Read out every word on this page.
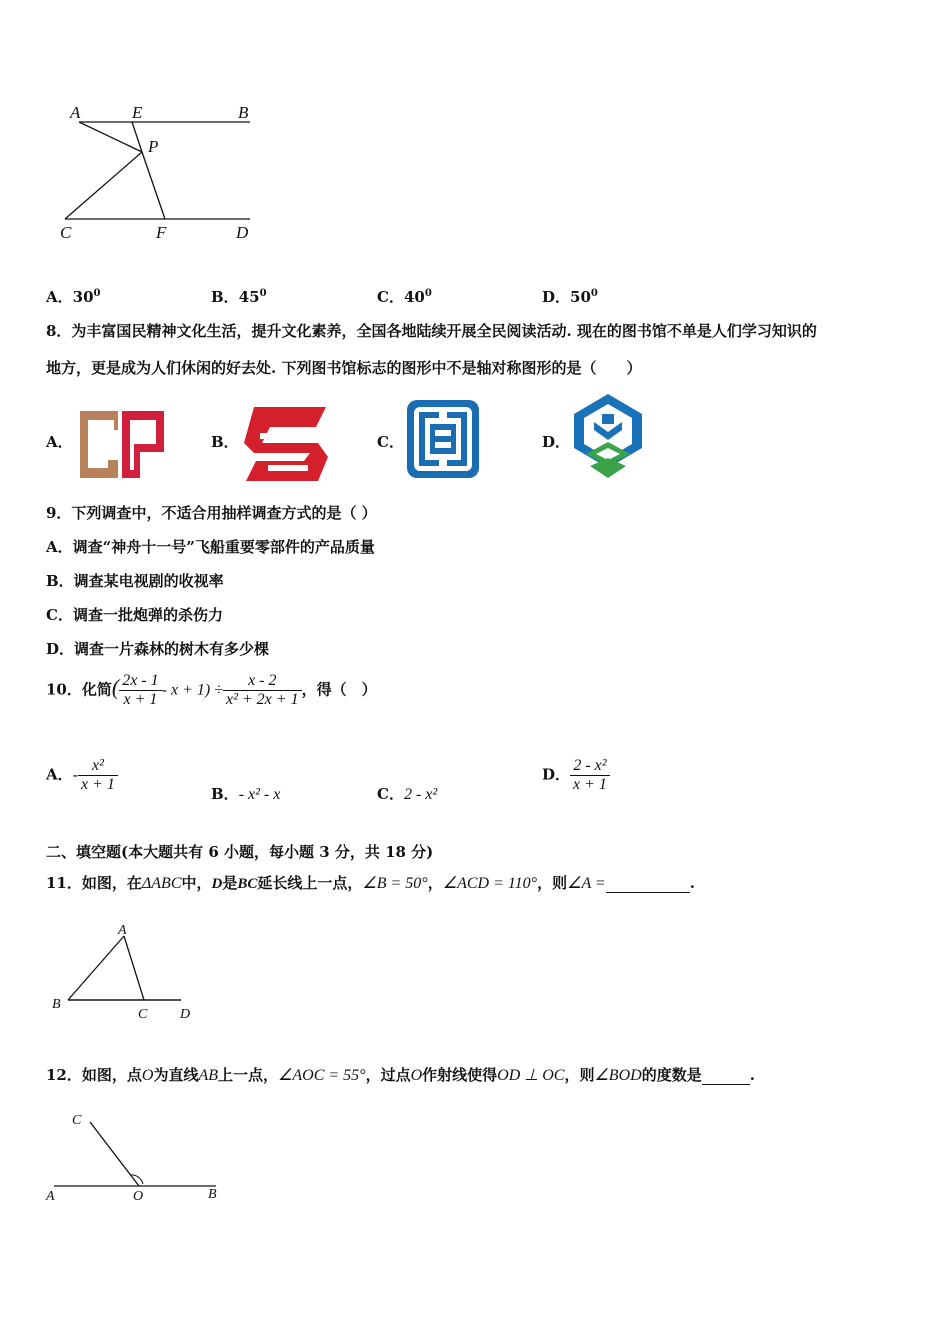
A	E	B
P
C	F	D
A．$30^0$	B．$45^0$	C．$40^0$	D．$50^0$
8．为丰富国民精神文化生活，提升文化素养，全国各地陆续开展全民阅读活动. 现在的图书馆不单是人们学习知识的
地方，更是成为人们休闲的好去处. 下列图书馆标志的图形中不是轴对称图形的是（　　）
A．	B．	C．	D．
9．下列调查中，不适合用抽样调查方式的是（ ）
A．调查“神舟十一号”飞船重要零部件的产品质量
B．调查某电视剧的收视率
C．调查一批炮弹的杀伤力
D．调查一片森林的树木有多少棵
10．化简( $\frac{2x - 1}{x + 1} - x + 1) \div \frac{x - 2}{\text{x² + 2x + 1}}$ ，得（　）
A．- $\frac{\text{x²}}{x + 1}$	B．- x² - x	C．2 - x²
D． $\frac{\text{2 - x²}}{x + 1}$
二、填空题(本大题共有 6 小题，每小题 3 分，共 18 分)
11．如图，在ΔABC中，D是BC延长线上一点，∠B = 50°，∠ACD = 110°，则∠A =	.
A
B
C D
12．如图，点O为直线AB上一点，∠AOC = 55°，过点O作射线使得OD ⊥ OC，则∠BOD的度数是	.
C
A	O	B
